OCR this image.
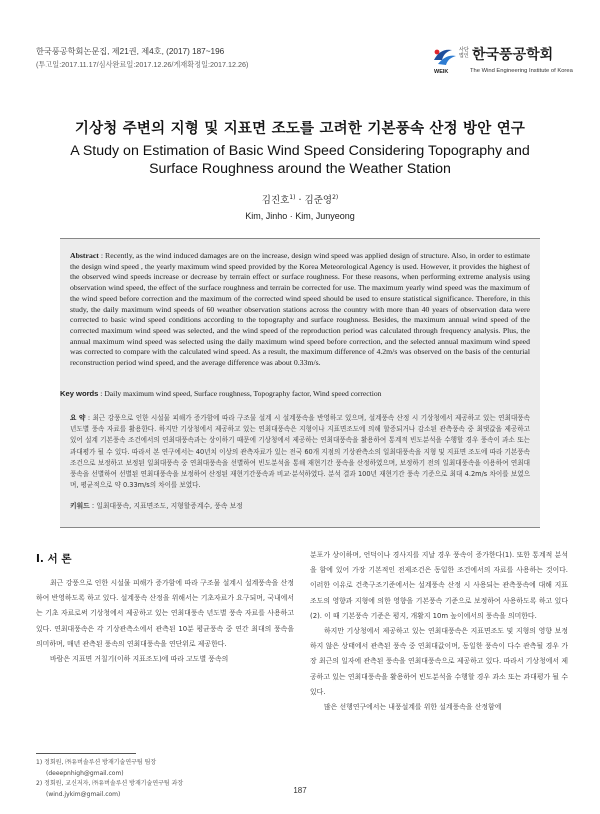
한국풍공학회논문집, 제21권, 제4호, (2017) 187~196
(투고일:2017.11.17/심사완료일:2017.12.26/게재확정일:2017.12.26)
사단 법인 한국풍공학회
WEIK	The Wind Engineering Institute of Korea
기상청 주변의 지형 및 지표면 조도를 고려한 기본풍속 산정 방안 연구
A Study on Estimation of Basic Wind Speed Considering Topography and
Surface Roughness around the Weather Station
김진호$^{1)}$ · 김준영$^{2)}$
Kim, Jinho · Kim, Junyeong
Abstract : Recently, as the wind induced damages are on the increase, design wind speed was applied design of structure. Also, in order to estimate the design wind speed , the yearly maximum wind speed provided by the Korea Meteorological Agency is used. However, it provides the highest of the observed wind speeds increase or decrease by terrain effect or surface roughness. For these reasons, when performing extreme analysis using observation wind speed, the effect of the surface roughness and terrain be corrected for use. The maximum yearly wind speed was the maximum of the wind speed before correction and the maximum of the corrected wind speed should be used to ensure statistical significance. Therefore, in this study, the daily maximum wind speeds of 60 weather observation stations across the country with more than 40 years of observation data were corrected to basic wind speed conditions according to the topography and surface roughness. Besides, the maximum annual wind speed of the corrected maximum wind speed was selected, and the wind speed of the reproduction period was calculated through frequency analysis. Plus, the annual maximum wind speed was selected using the daily maximum wind speed before correction, and the selected annual maximum wind speed was corrected to compare with the calculated wind speed. As a result, the maximum difference of 4.2m/s was observed on the basis of the centurial reconstruction period wind speed, and the average difference was about 0.33m/s.
Key words : Daily maximum wind speed, Surface roughness, Topography factor, Wind speed correction
요 약 : 최근 강풍으로 인한 시설물 피해가 증가함에 따라 구조물 설계 시 설계풍속을 반영하고 있으며, 설계풍속 산정 시 기상청에서 제공하고 있는 연최대풍속 년도별 풍속 자료를 활용한다. 하지만 기상청에서 제공하고 있는 연최대풍속은 지형이나 지표면조도에 의해 할증되거나 감소된 관측풍속 중 최댓값을 제공하고 있어 설계 기본풍속 조건에서의 연최대풍속과는 상이하기 때문에 기상청에서 제공하는 연최대풍속을 활용하여 통계적 빈도분석을 수행할 경우 풍속이 과소 또는 과대평가 될 수 있다. 따라서 본 연구에서는 40년치 이상의 관측자료가 있는 전국 60개 지점의 기상관측소의 일최대풍속을 지형 및 지표면 조도에 따라 기본풍속 조건으로 보정하고 보정된 일최대풍속 중 연최대풍속을 선별하여 빈도분석을 통해 재현기간 풍속을 산정하였으며, 보정하기 전의 일최대풍속을 이용하여 연최대풍속을 선별하여 선별된 연최대풍속을 보정하여 산정된 재현기간풍속과 비교·분석하였다. 분석 결과 100년 재현기간 풍속 기준으로 최대 4.2m/s 차이를 보였으며, 평균적으로 약 0.33m/s의 차이를 보였다.
키워드 : 일최대풍속, 지표면조도, 지형할증계수, 풍속 보정
I. 서 론

최근 강풍으로 인한 시설물 피해가 증가함에 따라 구조물 설계시 설계풍속을 산정하여 반영하도록 하고 있다. 설계풍속 산정을 위해서는 기초자료가 요구되며, 국내에서는 기초 자료로써 기상청에서 제공하고 있는 연최대풍속 년도별 풍속 자료를 사용하고 있다. 연최대풍속은 각 기상관측소에서 관측된 10분 평균풍속 중 연간 최대의 풍속을 의미하며, 매년 관측된 풍속의 연최대풍속을 연단위로 제공한다.

바람은 지표면 거칠기(이하 지표조도)에 따라 고도별 풍속의

분포가 상이하며, 언덕이나 경사지를 지날 경우 풍속이 증가한다(1). 또한 통계적 분석을 함에 있어 가장 기본적인 전제조건은 동일한 조건에서의 자료를 사용하는 것이다. 이러한 이유로 건축구조기준에서는 설계풍속 산정 시 사용되는 관측풍속에 대해 지표조도의 영향과 지형에 의한 영향을 기본풍속 기준으로 보정하여 사용하도록 하고 있다(2). 이 때 기본풍속 기준은 평지, 개활지 10m 높이에서의 풍속을 의미한다.

하지만 기상청에서 제공하고 있는 연최대풍속은 지표면조도 및 지형의 영향 보정하지 않은 상태에서 관측된 풍속 중 연최대값이며, 동일한 풍속이 다수 관측될 경우 가장 최근의 일자에 관측된 풍속을 연최대풍속으로 제공하고 있다. 따라서 기상청에서 제공하고 있는 연최대풍속을 활용하여 빈도분석을 수행할 경우 과소 또는 과대평가 될 수 있다.

많은 선행연구에서는 내풍설계를 위한 설계풍속을 산정함에

1) 정회원, ㈜유버솔루션 방재기술연구팀 팀장
(deeepnhigh@gmail.com)
2) 정회원, 교신저자, ㈜유버솔루션 방재기술연구팀 과장
(wind.jykim@gmail.com)	187
